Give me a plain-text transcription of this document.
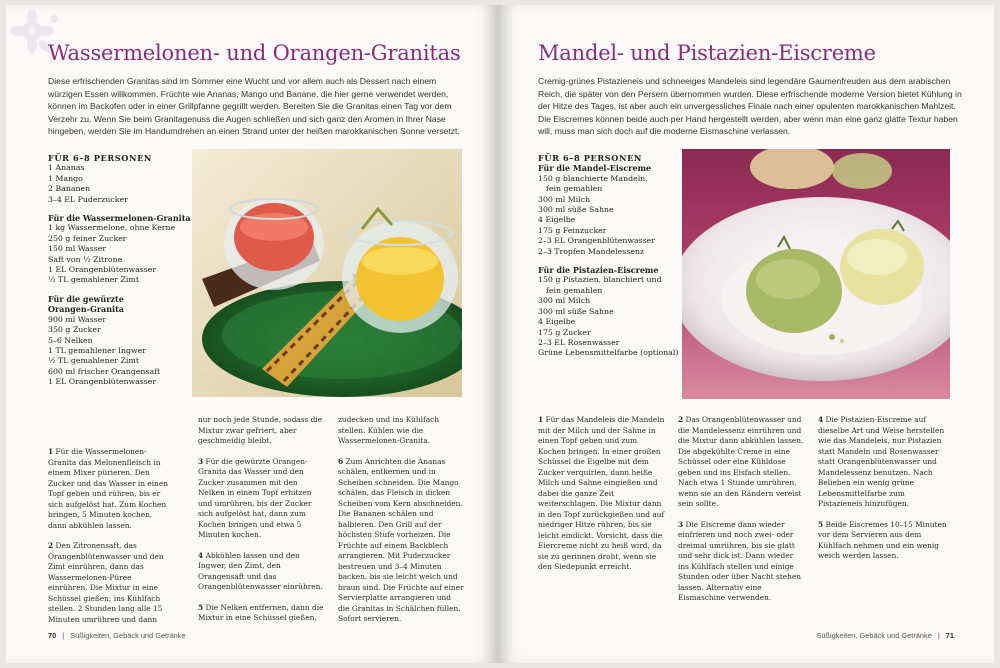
Wassermelonen- und Orangen-Granitas

Diese erfrischenden Granitas sind im Sommer eine Wucht und vor allem auch als Dessert nach einem würzigen Essen willkommen. Früchte wie Ananas, Mango und Banane, die hier gerne verwendet werden, können im Backofen oder in einer Grillpfanne gegrillt werden. Bereiten Sie die Granitas einen Tag vor dem Verzehr zu. Wenn Sie beim Granitagenuss die Augen schließen und sich ganz den Aromen in Ihrer Nase hingeben, werden Sie im Handumdrehen an einen Strand unter der heißen marokkanischen Sonne versetzt.

FÜR 6–8 PERSONEN
1 Ananas
1 Mango
2 Bananen
3–4 EL Puderzucker
Für die Wassermelonen-Granita
1 kg Wassermelone, ohne Kerne
250 g feiner Zucker
150 ml Wasser
Saft von ½ Zitrone
1 EL Orangenblütenwasser
½ TL gemahlener Zimt
Für die gewürzte
Orangen-Granita
900 ml Wasser
350 g Zucker
5–6 Nelken
1 TL gemahlener Ingwer
½ TL gemahlener Zimt
600 ml frischer Orangensaft
1 EL Orangenblütenwasser

1 Für die Wassermelonen-Granita das Melonenfleisch in einem Mixer pürieren. Den Zucker und das Wasser in einen Topf geben und rühren, bis er sich aufgelöst hat. Zum Kochen bringen, 5 Minuten kochen, dann abkühlen lassen.

2 Den Zitronensaft, das Orangenblütenwasser und den Zimt einrühren, dann das Wassermelonen-Püree einrühren. Die Mixtur in eine Schüssel gießen; ins Kühlfach stellen. 2 Stunden lang alle 15 Minuten umrühren und dann

nur noch jede Stunde, sodass die Mixtur zwar gefriert, aber geschmeidig bleibt.

3 Für die gewürzte Orangen-Granita das Wasser und den Zucker zusammen mit den Nelken in einem Topf erhitzen und umrühren, bis der Zucker sich aufgelöst hat, dann zum Kochen bringen und etwa 5 Minuten kochen.

4 Abkühlen lassen und den Ingwer, den Zimt, den Orangensaft und das Orangenblütenwasser einrühren.

5 Die Nelken entfernen, dann die Mixtur in eine Schüssel gießen,

zudecken und ins Kühlfach stellen. Kühlen wie die Wassermelonen-Granita.

6 Zum Anrichten die Ananas schälen, entkernen und in Scheiben schneiden. Die Mango schälen, das Fleisch in dicken Scheiben vom Kern abschneiden. Die Bananen schälen und halbieren. Den Grill auf der höchsten Stufe vorheizen. Die Früchte auf einem Backblech arrangieren. Mit Puderzucker bestreuen und 3–4 Minuten backen, bis sie leicht weich und braun sind. Die Früchte auf einer Servierplatte arrangieren und die Granitas in Schälchen füllen. Sofort servieren.

70 | Süßigkeiten, Gebäck und Getränke
Mandel- und Pistazien-Eiscreme

Cremig-grünes Pistazieneis und schneeiges Mandeleis sind legendäre Gaumenfreuden aus dem arabischen Reich, die später von den Persern übernommen wurden. Diese erfrischende moderne Version bietet Kühlung in der Hitze des Tages, ist aber auch ein unvergessliches Finale nach einer opulenten marokkanischen Mahlzeit. Die Eiscremes können beide auch per Hand hergestellt werden, aber wenn man eine ganz glatte Textur haben will, muss man sich doch auf die moderne Eismaschine verlassen.

FÜR 6–8 PERSONEN
Für die Mandel-Eiscreme
150 g blanchierte Mandeln,
fein gemahlen
300 ml Milch
300 ml süße Sahne
4 Eigelbe
175 g Feinzucker
2–3 EL Orangenblütenwasser
2–3 Tropfen Mandelessenz
Für die Pistazien-Eiscreme
150 g Pistazien, blanchiert und
fein gemahlen
300 ml Milch
300 ml süße Sahne
4 Eigelbe
175 g Zucker
2–3 EL Rosenwasser
Grüne Lebensmittelfarbe (optional)

1 Für das Mandeleis die Mandeln mit der Milch und der Sahne in einen Topf geben und zum Kochen bringen. In einer großen Schüssel die Eigelbe mit dem Zucker verquirlen, dann heiße Milch und Sahne eingießen und dabei die ganze Zeit weiterschlagen. Die Mixtur dann in den Topf zurückgießen und auf niedriger Hitze rühren, bis sie leicht eindickt. Vorsicht, dass die Eiercreme nicht zu heiß wird, da sie zu gerinnen droht, wenn sie den Siedepunkt erreicht.

2 Das Orangenblütenwasser und die Mandelessenz einrühren und die Mixtur dann abkühlen lassen. Die abgekühlte Creme in eine Schüssel oder eine Kühldose geben und ins Eisfach stellen. Nach etwa 1 Stunde umrühren, wenn sie an den Rändern vereist sein sollte.

3 Die Eiscreme dann wieder einfrieren und noch zwei- oder dreimal umrühren, bis sie glatt und sehr dick ist. Dann wieder ins Kühlfach stellen und einige Stunden oder über Nacht stehen lassen. Alternativ eine Eismaschine verwenden.

4 Die Pistazien-Eiscreme auf dieselbe Art und Weise herstellen wie das Mandeleis, nur Pistazien statt Mandeln und Rosenwasser statt Orangenblütenwasser und Mandelessenz benutzen. Nach Belieben ein wenig grüne Lebensmittelfarbe zum Pistazieneis hinzufügen.

5 Beide Eiscremes 10–15 Minuten vor dem Servieren aus dem Kühlfach nehmen und ein wenig weich werden lassen.

Süßigkeiten, Gebäck und Getränke | 71
